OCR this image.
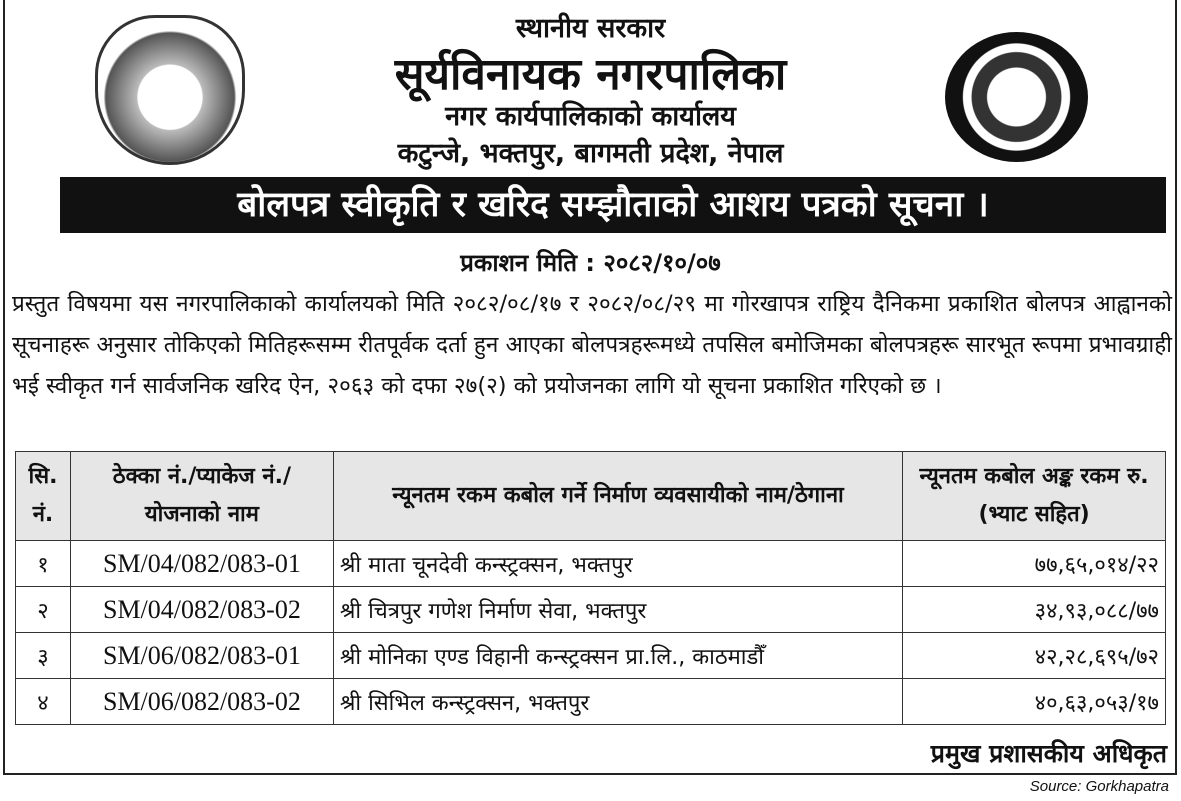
स्थानीय सरकार
सूर्यविनायक नगरपालिका
नगर कार्यपालिकाको कार्यालय
कटुन्जे, भक्तपुर, बागमती प्रदेश, नेपाल
बोलपत्र स्वीकृति र खरिद सम्झौताको आशय पत्रको सूचना ।
प्रकाशन मिति : २०८२/१०/०७
प्रस्तुत विषयमा यस नगरपालिकाको कार्यालयको मिति २०८२/०८/१७ र २०८२/०८/२९ मा गोरखापत्र राष्ट्रिय दैनिकमा प्रकाशित बोलपत्र आह्वानको सूचनाहरू अनुसार तोकिएको मितिहरूसम्म रीतपूर्वक दर्ता हुन आएका बोलपत्रहरूमध्ये तपसिल बमोजिमका बोलपत्रहरू सारभूत रूपमा प्रभावग्राही भई स्वीकृत गर्न सार्वजनिक खरिद ऐन, २०६३ को दफा २७(२) को प्रयोजनका लागि यो सूचना प्रकाशित गरिएको छ ।
सि. नं.	ठेक्का नं./प्याकेज नं./ योजनाको नाम	न्यूनतम रकम कबोल गर्ने निर्माण व्यवसायीको नाम/ठेगाना	न्यूनतम कबोल अङ्क रकम रु. (भ्याट सहित)
१	SM/04/082/083-01	श्री माता चूनदेवी कन्स्ट्रक्सन, भक्तपुर	७७,६५,०१४/२२
२	SM/04/082/083-02	श्री चित्रपुर गणेश निर्माण सेवा, भक्तपुर	३४,९३,०८८/७७
३	SM/06/082/083-01	श्री मोनिका एण्ड विहानी कन्स्ट्रक्सन प्रा.लि., काठमाडौँ	४२,२८,६९५/७२
४	SM/06/082/083-02	श्री सिभिल कन्स्ट्रक्सन, भक्तपुर	४०,६३,०५३/१७
प्रमुख प्रशासकीय अधिकृत
Source: Gorkhapatra
